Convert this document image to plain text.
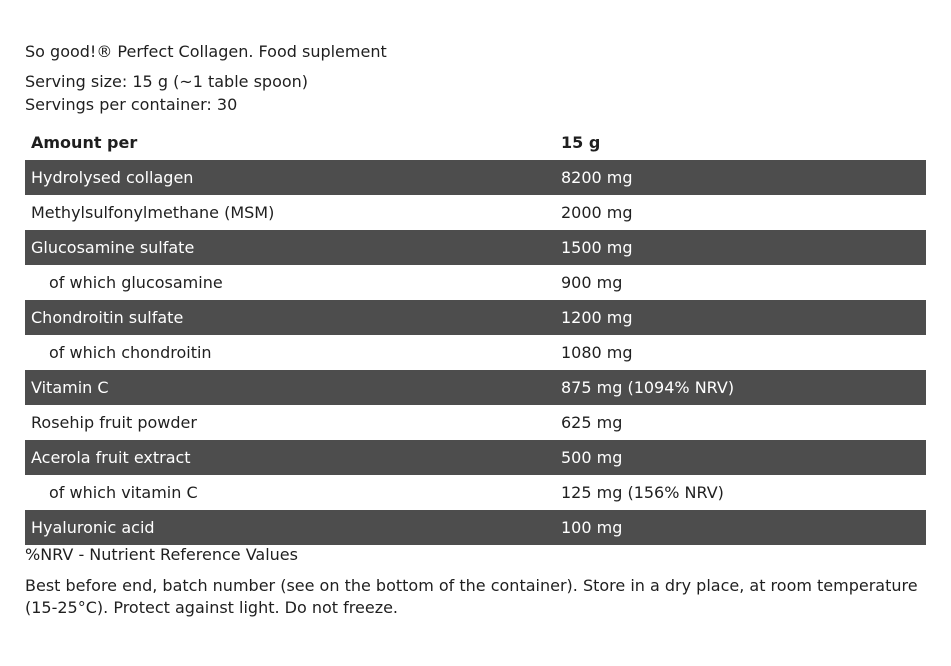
So good!® Perfect Collagen. Food suplement
Serving size: 15 g (~1 table spoon)
Servings per container: 30
Amount per	15 g
Hydrolysed collagen	8200 mg
Methylsulfonylmethane (MSM)	2000 mg
Glucosamine sulfate	1500 mg
of which glucosamine	900 mg
Chondroitin sulfate	1200 mg
of which chondroitin	1080 mg
Vitamin C	875 mg (1094% NRV)
Rosehip fruit powder	625 mg
Acerola fruit extract	500 mg
of which vitamin C	125 mg (156% NRV)
Hyaluronic acid	100 mg
%NRV - Nutrient Reference Values
Best before end, batch number (see on the bottom of the container). Store in a dry place, at room temperature (15-25°C). Protect against light. Do not freeze.
